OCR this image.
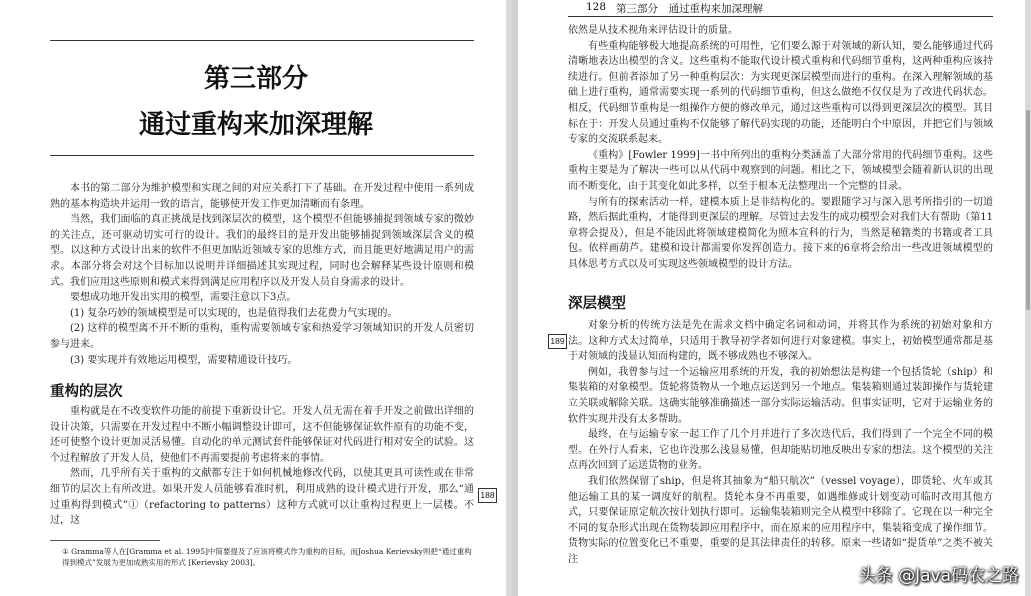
第三部分
通过重构来加深理解

本书的第二部分为维护模型和实现之间的对应关系打下了基础。在开发过程中使用一系列成熟的基本构造块并运用一致的语言，能够使开发工作更加清晰而有条理。

当然，我们面临的真正挑战是找到深层次的模型，这个模型不但能够捕捉到领域专家的微妙的关注点，还可驱动切实可行的设计。我们的最终目的是开发出能够捕捉到领域深层含义的模型。以这种方式设计出来的软件不但更加贴近领域专家的思维方式，而且能更好地满足用户的需求。本部分将会对这个目标加以说明并详细描述其实现过程，同时也会解释某些设计原则和模式。我们应用这些原则和模式来得到满足应用程序以及开发人员自身需求的设计。

要想成功地开发出实用的模型，需要注意以下3点。

(1) 复杂巧妙的领域模型是可以实现的，也是值得我们去花费力气实现的。

(2) 这样的模型离不开不断的重构，重构需要领域专家和热爱学习领域知识的开发人员密切参与进来。

(3) 要实现并有效地运用模型，需要精通设计技巧。

重构的层次

重构就是在不改变软件功能的前提下重新设计它。开发人员无需在着手开发之前做出详细的设计决策，只需要在开发过程中不断小幅调整设计即可，这不但能够保证软件原有的功能不变，还可使整个设计更加灵活易懂。自动化的单元测试套件能够保证对代码进行相对安全的试验。这个过程解放了开发人员，使他们不再需要提前考虑将来的事情。

然而，几乎所有关于重构的文献都专注于如何机械地修改代码，以使其更具可读性或在非常细节的层次上有所改进。如果开发人员能够看准时机，利用成熟的设计模式进行开发，那么“通过重构得到模式”①（refactoring to patterns）这种方式就可以让重构过程更上一层楼。不过，这

188

① Gramma等人在[Gramma et al. 1995]中简要提及了应该将模式作为重构的目标，而Joshua Kerievsky则把“通过重构得到模式”发展为更加成熟实用的形式 [Kerievsky 2003]。

128 第三部分　通过重构来加深理解

依然是从技术视角来评估设计的质量。

有些重构能够极大地提高系统的可用性，它们要么源于对领域的新认知，要么能够通过代码清晰地表达出模型的含义。这些重构不能取代设计模式重构和代码细节重构，这两种重构应该持续进行。但前者添加了另一种重构层次：为实现更深层模型而进行的重构。在深入理解领域的基础上进行重构，通常需要实现一系列的代码细节重构，但这么做绝不仅仅是为了改进代码状态。相反，代码细节重构是一组操作方便的修改单元，通过这些重构可以得到更深层次的模型。其目标在于：开发人员通过重构不仅能够了解代码实现的功能，还能明白个中原因，并把它们与领域专家的交流联系起来。

《重构》[Fowler 1999]一书中所列出的重构分类涵盖了大部分常用的代码细节重构。这些重构主要是为了解决一些可以从代码中观察到的问题。相比之下，领域模型会随着新认识的出现而不断变化，由于其变化如此多样，以至于根本无法整理出一个完整的目录。

与所有的探索活动一样，建模本质上是非结构化的。要跟随学习与深入思考所指引的一切道路，然后据此重构，才能得到更深层的理解。尽管过去发生的成功模型会对我们大有帮助（第11章将会提及），但是不能因此将领域建模简化为照本宣科的行为，当然是秘籍类的书籍或者工具包。依样画葫芦。建模和设计都需要你发挥创造力。接下来的6章将会给出一些改进领域模型的具体思考方式以及可实现这些领域模型的设计方法。

深层模型
189

对象分析的传统方法是先在需求文档中确定名词和动词，并将其作为系统的初始对象和方法。这种方式太过简单，只适用于教导初学者如何进行对象建模。事实上，初始模型通常都是基于对领域的浅显认知而构建的，既不够成熟也不够深入。

例如，我曾参与过一个运输应用系统的开发，我的初始想法是构建一个包括货轮（ship）和集装箱的对象模型。货轮将货物从一个地点运送到另一个地点。集装箱则通过装卸操作与货轮建立关联或解除关联。这确实能够准确描述一部分实际运输活动。但事实证明，它对于运输业务的软件实现并没有太多帮助。

最终，在与运输专家一起工作了几个月并进行了多次迭代后，我们得到了一个完全不同的模型。在外行人看来，它也许没那么浅显易懂，但却能贴切地反映出专家的想法。这个模型的关注点再次回到了运送货物的业务。

我们依然保留了ship，但是将其抽象为“船只航次”（vessel voyage），即货轮、火车或其他运输工具的某一调度好的航程。货轮本身不再重要，如遇维修或计划变动可临时改用其他方式，只要保证原定航次按计划执行即可。运输集装箱则完全从模型中移除了。它现在以一种完全不同的复杂形式出现在货物装卸应用程序中，而在原来的应用程序中，集装箱变成了操作细节。货物实际的位置变化已不重要，重要的是其法律责任的转移。原来一些诸如“提货单”之类不被关注

头条 @Java码农之路
